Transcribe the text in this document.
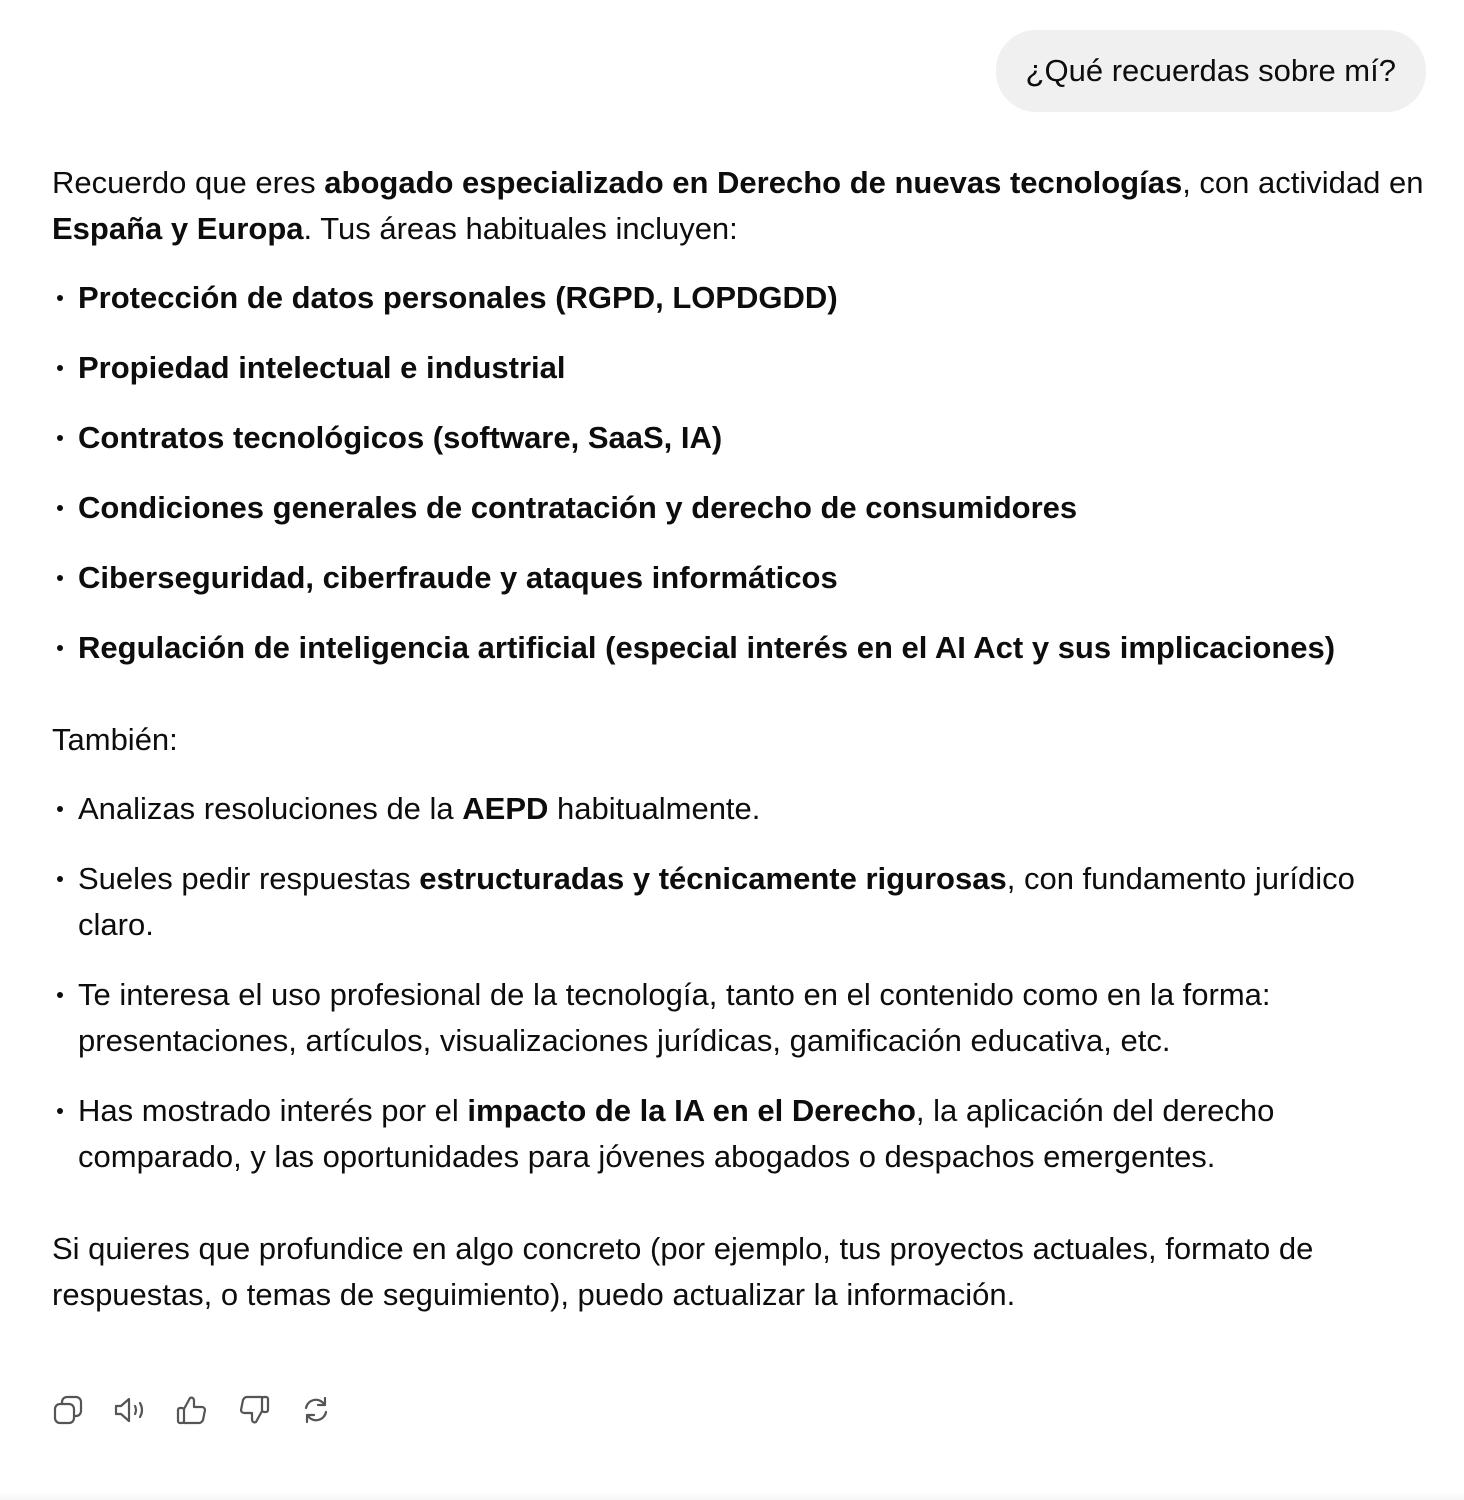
¿Qué recuerdas sobre mí?

Recuerdo que eres abogado especializado en Derecho de nuevas tecnologías, con actividad en España y Europa. Tus áreas habituales incluyen:

Protección de datos personales (RGPD, LOPDGDD)
Propiedad intelectual e industrial
Contratos tecnológicos (software, SaaS, IA)
Condiciones generales de contratación y derecho de consumidores
Ciberseguridad, ciberfraude y ataques informáticos
Regulación de inteligencia artificial (especial interés en el AI Act y sus implicaciones)

También:

Analizas resoluciones de la AEPD habitualmente.
Sueles pedir respuestas estructuradas y técnicamente rigurosas, con fundamento jurídico claro.
Te interesa el uso profesional de la tecnología, tanto en el contenido como en la forma: presentaciones, artículos, visualizaciones jurídicas, gamificación educativa, etc.
Has mostrado interés por el impacto de la IA en el Derecho, la aplicación del derecho comparado, y las oportunidades para jóvenes abogados o despachos emergentes.

Si quieres que profundice en algo concreto (por ejemplo, tus proyectos actuales, formato de respuestas, o temas de seguimiento), puedo actualizar la información.
